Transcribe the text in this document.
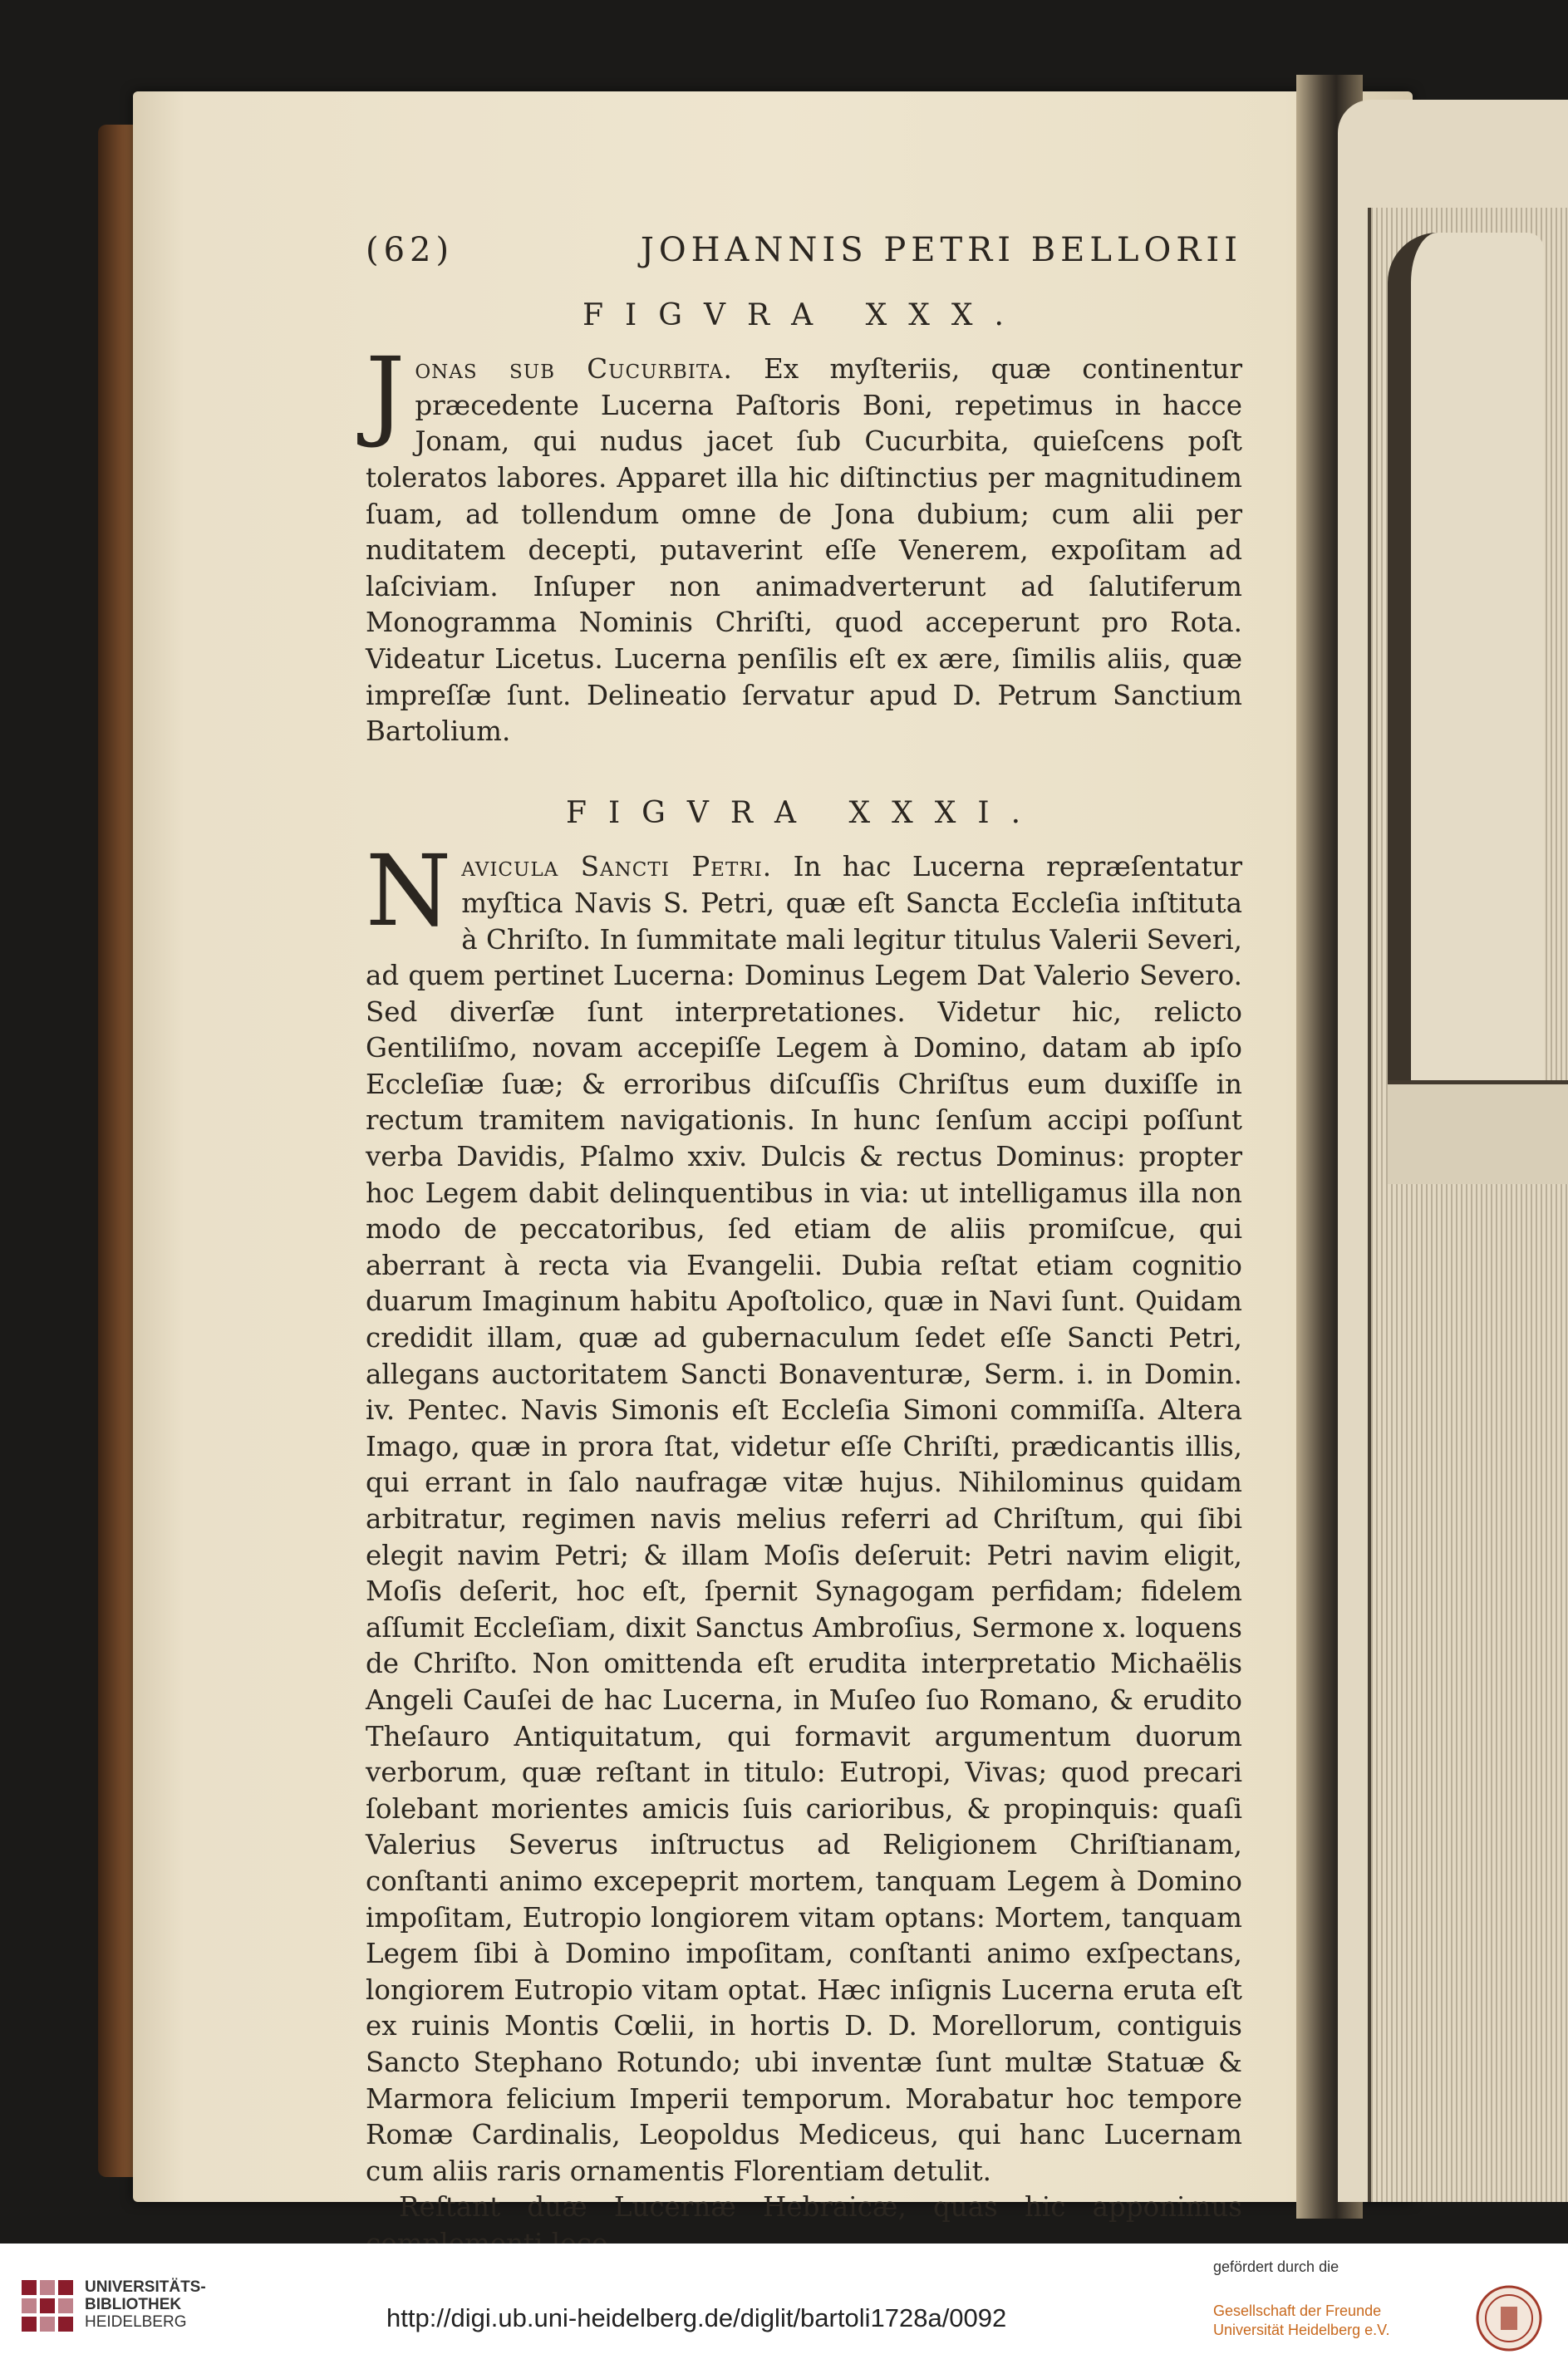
(62)	JOHANNIS PETRI BELLORII
FIGVRA XXX.

Jonas sub Cucurbita. Ex myſteriis, quæ continentur præcedente Lucerna Paſtoris Boni, repetimus in hacce Jonam, qui nudus jacet ſub Cucurbita, quieſcens poſt toleratos labores. Apparet illa hic diſtinctius per magnitudinem ſuam, ad tollendum omne de Jona dubium; cum alii per nuditatem decepti, putaverint eſſe Venerem, expoſitam ad laſciviam. Inſuper non animadverterunt ad ſalutiferum Monogramma Nominis Chriſti, quod acceperunt pro Rota. Videatur Licetus. Lucerna penſilis eſt ex ære, ſimilis aliis, quæ impreſſæ ſunt. Delineatio ſervatur apud D. Petrum Sanctium Bartolium.

FIGVRA XXXI.

Navicula Sancti Petri. In hac Lucerna repræſentatur myſtica Navis S. Petri, quæ eſt Sancta Eccleſia inſtituta à Chriſto. In ſummitate mali legitur titulus Valerii Severi, ad quem pertinet Lucerna: Dominus Legem Dat Valerio Severo. Sed diverſæ ſunt interpretationes. Videtur hic, relicto Gentiliſmo, novam accepiſſe Legem à Domino, datam ab ipſo Eccleſiæ ſuæ; & erroribus diſcuſſis Chriſtus eum duxiſſe in rectum tramitem navigationis. In hunc ſenſum accipi poſſunt verba Davidis, Pſalmo xxiv. Dulcis & rectus Dominus: propter hoc Legem dabit delinquentibus in via: ut intelligamus illa non modo de peccatoribus, ſed etiam de aliis promiſcue, qui aberrant à recta via Evangelii. Dubia reſtat etiam cognitio duarum Imaginum habitu Apoſtolico, quæ in Navi ſunt. Quidam credidit illam, quæ ad gubernaculum ſedet eſſe Sancti Petri, allegans auctoritatem Sancti Bonaventuræ, Serm. i. in Domin. iv. Pentec. Navis Simonis eſt Eccleſia Simoni commiſſa. Altera Imago, quæ in prora ſtat, videtur eſſe Chriſti, prædicantis illis, qui errant in ſalo naufragæ vitæ hujus. Nihilominus quidam arbitratur, regimen navis melius referri ad Chriſtum, qui ſibi elegit navim Petri; & illam Moſis deſeruit: Petri navim eligit, Moſis deſerit, hoc eſt, ſpernit Synagogam perfidam; fidelem aſſumit Eccleſiam, dixit Sanctus Ambroſius, Sermone x. loquens de Chriſto. Non omittenda eſt erudita interpretatio Michaëlis Angeli Cauſei de hac Lucerna, in Muſeo ſuo Romano, & erudito Theſauro Antiquitatum, qui formavit argumentum duorum verborum, quæ reſtant in titulo: Eutropi, Vivas; quod precari ſolebant morientes amicis ſuis carioribus, & propinquis: quaſi Valerius Severus inſtructus ad Religionem Chriſtianam, conſtanti animo excepeprit mortem, tanquam Legem à Domino impoſitam, Eutropio longiorem vitam optans: Mortem, tanquam Legem ſibi à Domino impoſitam, conſtanti animo exſpectans, longiorem Eutropio vitam optat. Hæc inſignis Lucerna eruta eſt ex ruinis Montis Cœlii, in hortis D. D. Morellorum, contiguis Sancto Stephano Rotundo; ubi inventæ ſunt multæ Statuæ & Marmora felicium Imperii temporum. Morabatur hoc tempore Romæ Cardinalis, Leopoldus Mediceus, qui hanc Lucernam cum aliis raris ornamentis Florentiam detulit.

Reſtant duæ Lucernæ Hebraicæ, quas hic apponimus

UNIVERSITÄTS-
BIBLIOTHEK
HEIDELBERG	http://digi.ub.uni-heidelberg.de/diglit/bartoli1728a/0092
gefördert durch die
Gesellschaft der Freunde
Universität Heidelberg e.V.
